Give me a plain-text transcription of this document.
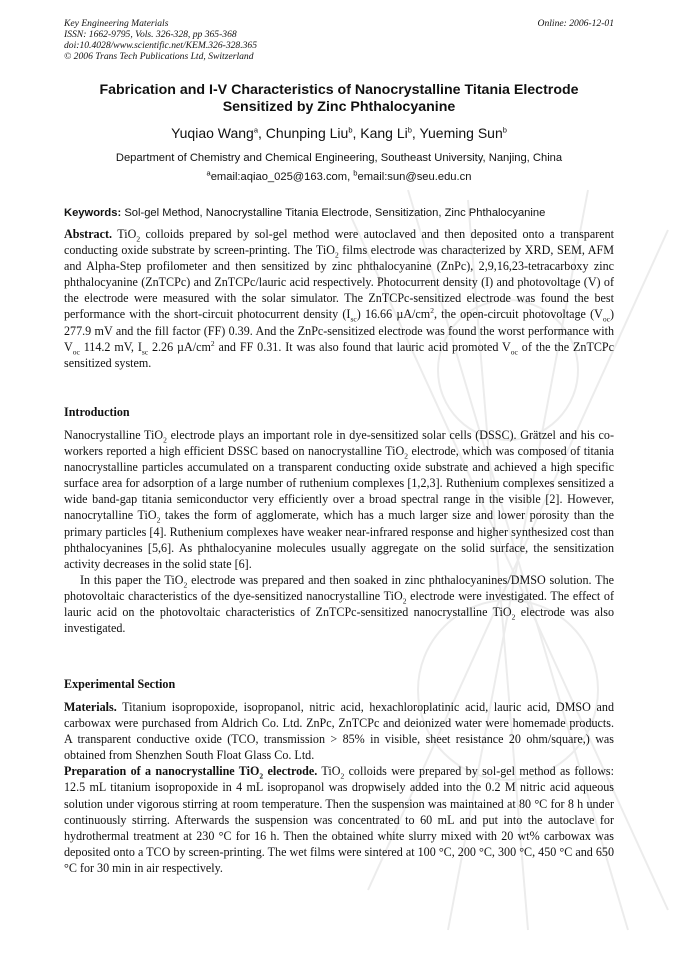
Key Engineering Materials
ISSN: 1662-9795, Vols. 326-328, pp 365-368
doi:10.4028/www.scientific.net/KEM.326-328.365
© 2006 Trans Tech Publications Ltd, Switzerland
Online: 2006-12-01
Fabrication and I-V Characteristics of Nanocrystalline Titania Electrode
Sensitized by Zinc Phthalocyanine
Yuqiao Wang$^a$, Chunping Liu$^b$, Kang Li$^b$, Yueming Sun$^b$
Department of Chemistry and Chemical Engineering, Southeast University, Nanjing, China
$^a$email:aqiao_025@163.com, $^b$email:sun@seu.edu.cn
Keywords: Sol-gel Method, Nanocrystalline Titania Electrode, Sensitization, Zinc Phthalocyanine

Abstract. TiO$_2$ colloids prepared by sol-gel method were autoclaved and then deposited onto a transparent conducting oxide substrate by screen-printing. The TiO$_2$ films electrode was characterized by XRD, SEM, AFM and Alpha-Step profilometer and then sensitized by zinc phthalocyanine (ZnPc), 2,9,16,23-tetracarboxy zinc phthalocyanine (ZnTCPc) and ZnTCPc/lauric acid respectively. Photocurrent density (I) and photovoltage (V) of the electrode were measured with the solar simulator. The ZnTCPc-sensitized electrode was found the best performance with the short-circuit photocurrent density $(I_{sc})$ 16.66 $\mu A/cm^2$, the open-circuit photovoltage $(V_{oc})$ 277.9 mV and the fill factor (FF) 0.39. And the ZnPc-sensitized electrode was found the worst performance with $V_{oc}$ 114.2 mV, $I_{sc}$ 2.26 $\mu A/cm^2$ and FF 0.31. It was also found that lauric acid promoted $V_{oc}$ of the the ZnTCPc sensitized system.

Introduction

Nanocrystalline TiO$_2$ electrode plays an important role in dye-sensitized solar cells (DSSC). Grätzel and his co-workers reported a high efficient DSSC based on nanocrystalline TiO$_2$ electrode, which was composed of titania nanocrystalline particles accumulated on a transparent conducting oxide substrate and achieved a high specific surface area for adsorption of a large number of ruthenium complexes [1,2,3]. Ruthenium complexes sensitized a wide band-gap titania semiconductor very efficiently over a broad spectral range in the visible [2]. However, nanocrytalline TiO$_2$ takes the form of agglomerate, which has a much larger size and lower porosity than the primary particles [4]. Ruthenium complexes have weaker near-infrared response and higher synthesized cost than phthalocyanines [5,6]. As phthalocyanine molecules usually aggregate on the solid surface, the sensitization activity decreases in the solid state [6].

In this paper the TiO$_2$ electrode was prepared and then soaked in zinc phthalocyanines/DMSO solution. The photovoltaic characteristics of the dye-sensitized nanocrystalline TiO$_2$ electrode were investigated. The effect of lauric acid on the photovoltaic characteristics of ZnTCPc-sensitized nanocrystalline TiO$_2$ electrode was also investigated.

Experimental Section

Materials. Titanium isopropoxide, isopropanol, nitric acid, hexachloroplatinic acid, lauric acid, DMSO and carbowax were purchased from Aldrich Co. Ltd. ZnPc, ZnTCPc and deionized water were homemade products. A transparent conductive oxide (TCO, transmission > 85% in visible, sheet resistance 20 ohm/square,) was obtained from Shenzhen South Float Glass Co. Ltd.

Preparation of a nanocrystalline TiO$_2$ electrode. TiO$_2$ colloids were prepared by sol-gel method as follows: 12.5 mL titanium isopropoxide in 4 mL isopropanol was dropwisely added into the 0.2 M nitric acid aqueous solution under vigorous stirring at room temperature. Then the suspension was maintained at 80 °C for 8 h under continuously stirring. Afterwards the suspension was concentrated to 60 mL and put into the autoclave for hydrothermal treatment at 230 °C for 16 h. Then the obtained white slurry mixed with 20 wt% carbowax was deposited onto a TCO by screen-printing. The wet films were sintered at 100 °C, 200 °C, 300 °C, 450 °C and 650 °C for 30 min in air respectively.
